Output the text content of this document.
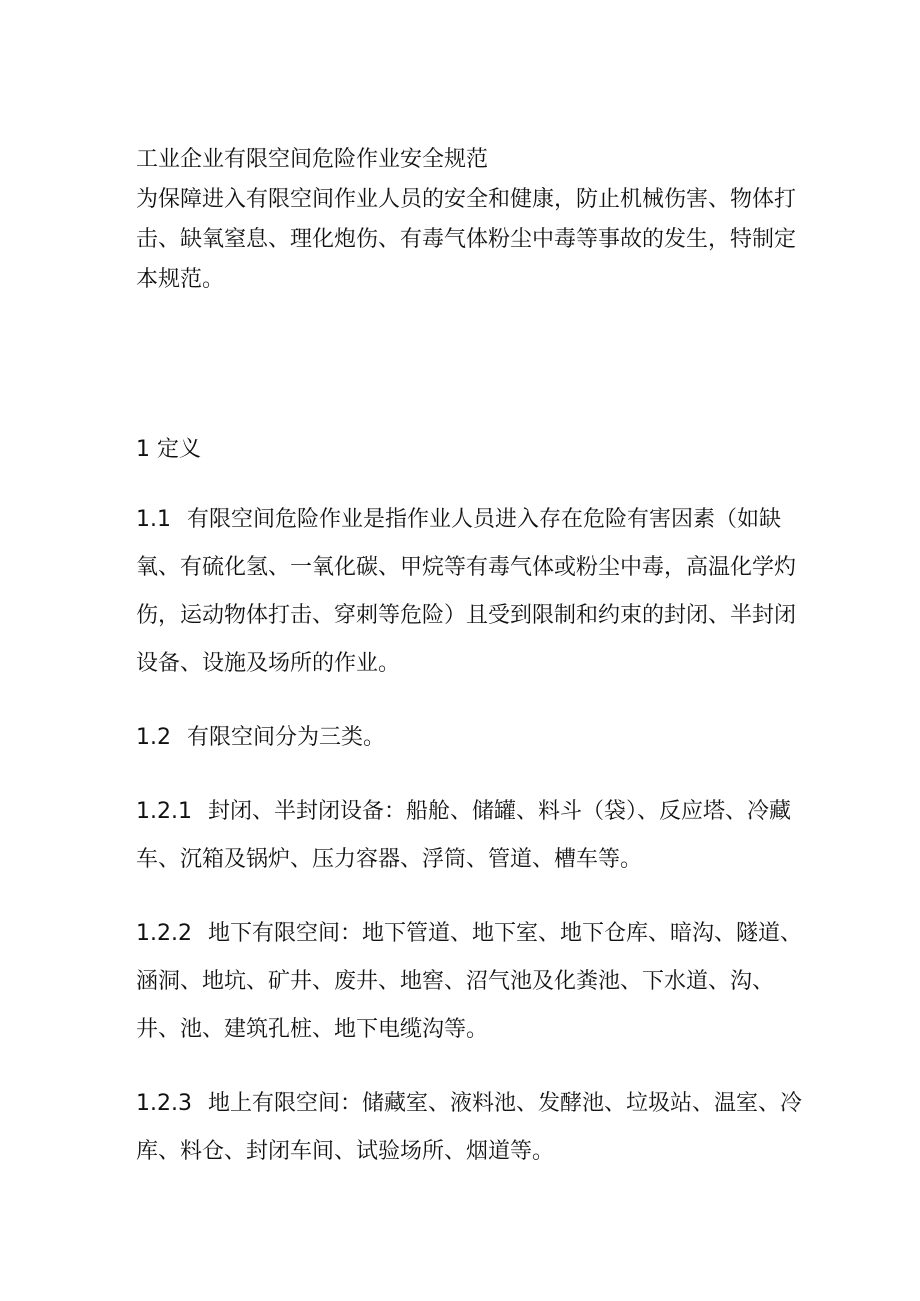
工业企业有限空间危险作业安全规范

为保障进入有限空间作业人员的安全和健康，防止机械伤害、物体打击、缺氧窒息、理化炮伤、有毒气体粉尘中毒等事故的发生，特制定本规范。

1 定义

1.1 有限空间危险作业是指作业人员进入存在危险有害因素（如缺氧、有硫化氢、一氧化碳、甲烷等有毒气体或粉尘中毒，高温化学灼伤，运动物体打击、穿刺等危险）且受到限制和约束的封闭、半封闭设备、设施及场所的作业。

1.2 有限空间分为三类。

1.2.1 封闭、半封闭设备：船舱、储罐、料斗（袋）、反应塔、冷藏车、沉箱及锅炉、压力容器、浮筒、管道、槽车等。

1.2.2 地下有限空间：地下管道、地下室、地下仓库、暗沟、隧道、涵洞、地坑、矿井、废井、地窖、沼气池及化粪池、下水道、沟、井、池、建筑孔桩、地下电缆沟等。

1.2.3 地上有限空间：储藏室、液料池、发酵池、垃圾站、温室、冷库、料仓、封闭车间、试验场所、烟道等。
